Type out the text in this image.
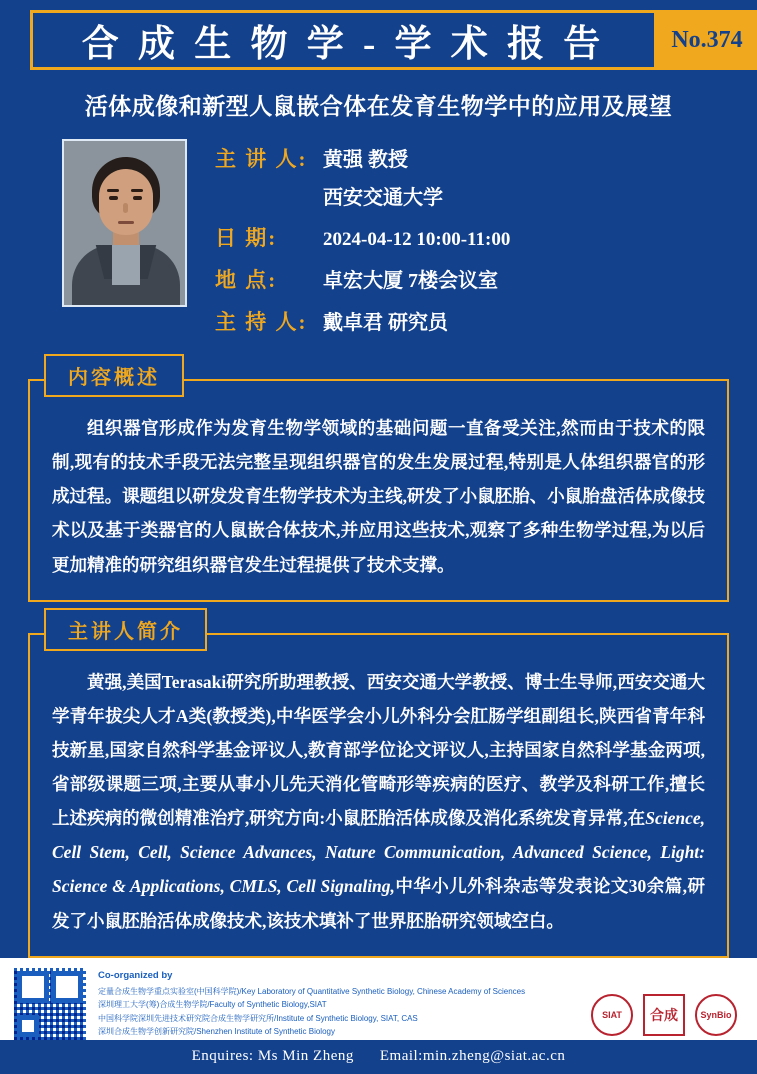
合 成 生 物 学 - 学 术 报 告	No.374
活体成像和新型人鼠嵌合体在发育生物学中的应用及展望
主 讲 人: 黄强 教授
西安交通大学
日 期:	2024-04-12 10:00-11:00
地 点:	卓宏大厦 7楼会议室
主 持 人: 戴卓君 研究员
内容概述

组织器官形成作为发育生物学领域的基础问题一直备受关注,然而由于技术的限制,现有的技术手段无法完整呈现组织器官的发生发展过程,特别是人体组织器官的形成过程。课题组以研发发育生物学技术为主线,研发了小鼠胚胎、小鼠胎盘活体成像技术以及基于类器官的人鼠嵌合体技术,并应用这些技术,观察了多种生物学过程,为以后更加精准的研究组织器官发生过程提供了技术支撑。

主讲人简介

黄强,美国Terasaki研究所助理教授、西安交通大学教授、博士生导师,西安交通大学青年拔尖人才A类(教授类),中华医学会小儿外科分会肛肠学组副组长,陕西省青年科技新星,国家自然科学基金评议人,教育部学位论文评议人,主持国家自然科学基金两项,省部级课题三项,主要从事小儿先天消化管畸形等疾病的医疗、教学及科研工作,擅长上述疾病的微创精准治疗,研究方向:小鼠胚胎活体成像及消化系统发育异常,在Science, Cell Stem, Cell, Science Advances, Nature Communication, Advanced Science, Light: Science & Applications, CMLS, Cell Signaling,中华小儿外科杂志等发表论文30余篇,研发了小鼠胚胎活体成像技术,该技术填补了世界胚胎研究领域空白。

Co-organized by
定量合成生物学重点实验室(中国科学院)/Key Laboratory of Quantitative Synthetic Biology, Chinese Academy of Sciences
深圳理工大学(筹)合成生物学院/Faculty of Synthetic Biology,SIAT
中国科学院深圳先进技术研究院合成生物学研究所/Institute of Synthetic Biology, SIAT, CAS
深圳合成生物学创新研究院/Shenzhen Institute of Synthetic Biology
SIAT	合成	SynBio
Enquires: Ms Min Zheng Email:min.zheng@siat.ac.cn
